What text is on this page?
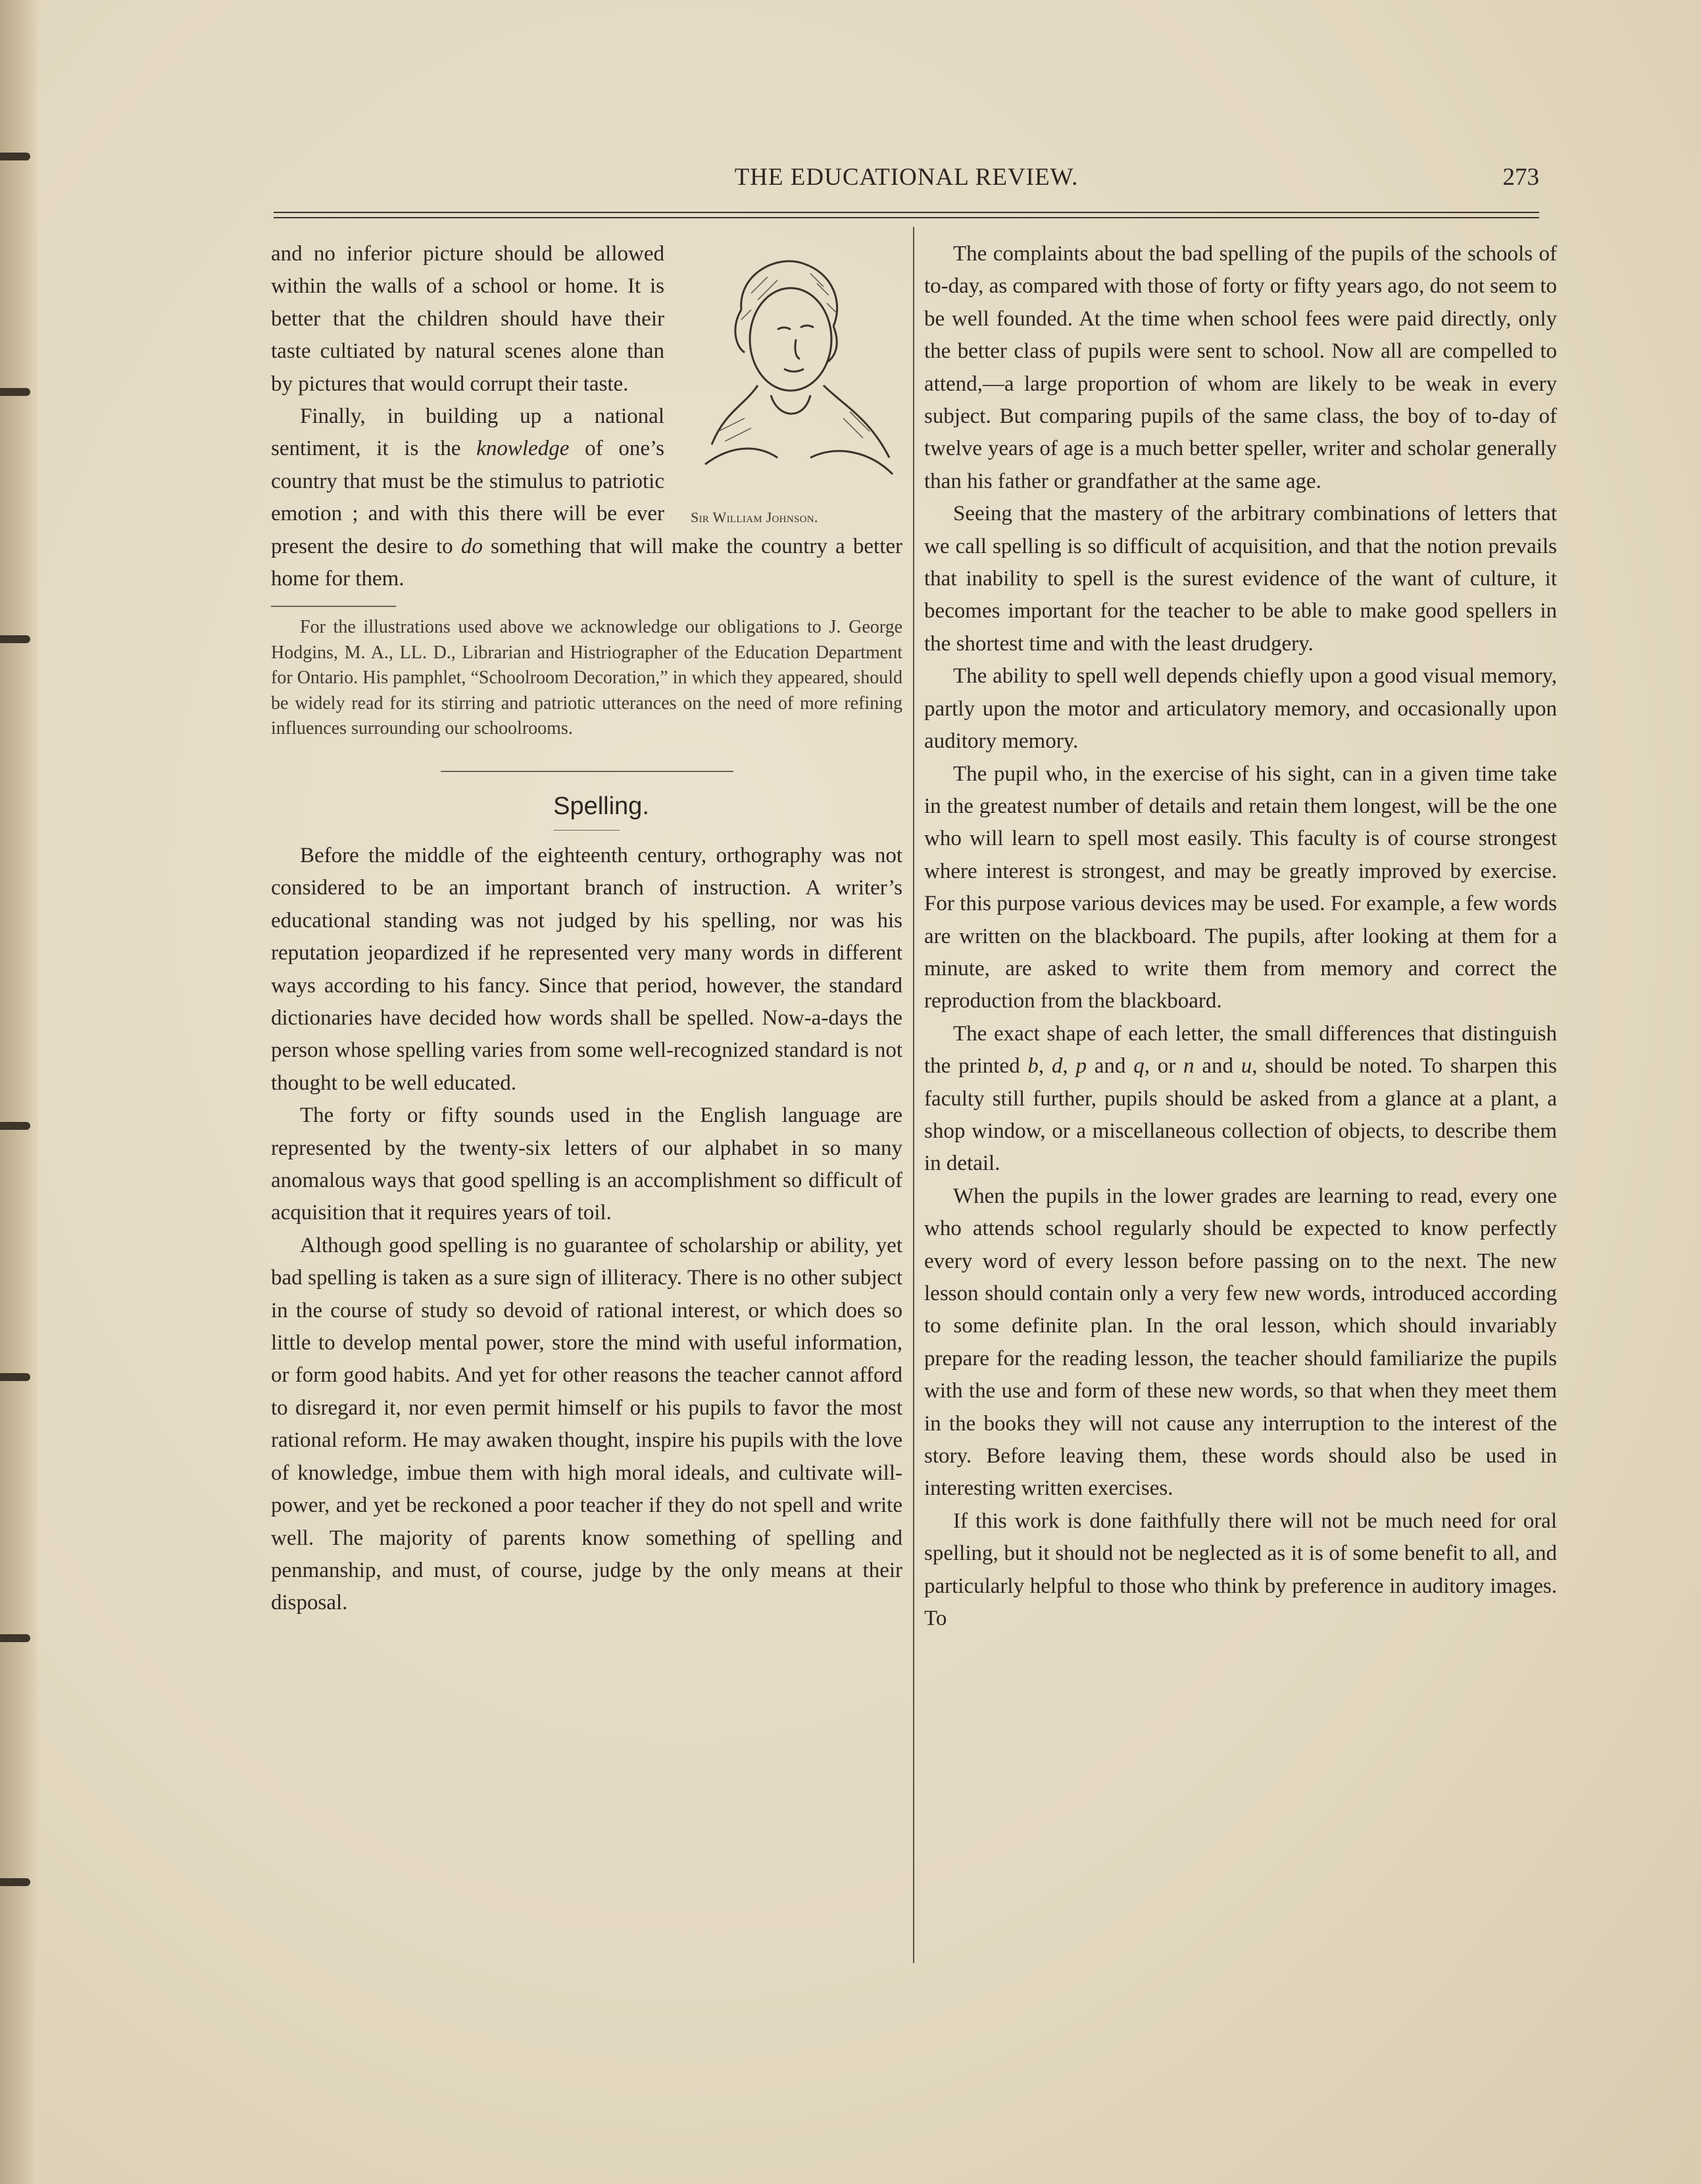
THE EDUCATIONAL REVIEW.	273
Sir William Johnson.

and no inferior picture should be allowed within the walls of a school or home. It is better that the children should have their taste cultiated by natural scenes alone than by pictures that would corrupt their taste.

Finally, in building up a national sentiment, it is the knowledge of one’s country that must be the stimulus to patriotic emotion ; and with this there will be ever present the desire to do something that will make the country a better home for them.

For the illustrations used above we acknowledge our obligations to J. George Hodgins, M. A., LL. D., Librarian and Histriographer of the Education Department for Ontario. His pamphlet, “Schoolroom Decoration,” in which they appeared, should be widely read for its stirring and patriotic utterances on the need of more refining influences surrounding our schoolrooms.

Spelling.

Before the middle of the eighteenth century, orthography was not considered to be an important branch of instruction. A writer’s educational standing was not judged by his spelling, nor was his reputation jeopardized if he represented very many words in different ways according to his fancy. Since that period, however, the standard dictionaries have decided how words shall be spelled. Now-a-days the person whose spelling varies from some well-recognized standard is not thought to be well educated.

The forty or fifty sounds used in the English language are represented by the twenty-six letters of our alphabet in so many anomalous ways that good spelling is an accomplishment so difficult of acquisition that it requires years of toil.

Although good spelling is no guarantee of scholarship or ability, yet bad spelling is taken as a sure sign of illiteracy. There is no other subject in the course of study so devoid of rational interest, or which does so little to develop mental power, store the mind with useful information, or form good habits. And yet for other reasons the teacher cannot afford to disregard it, nor even permit himself or his pupils to favor the most rational reform. He may awaken thought, inspire his pupils with the love of knowledge, imbue them with high moral ideals, and cultivate will-power, and yet be reckoned a poor teacher if they do not spell and write well. The majority of parents know something of spelling and penmanship, and must, of course, judge by the only means at their disposal.

The complaints about the bad spelling of the pupils of the schools of to-day, as compared with those of forty or fifty years ago, do not seem to be well founded. At the time when school fees were paid directly, only the better class of pupils were sent to school. Now all are compelled to attend,—a large proportion of whom are likely to be weak in every subject. But comparing pupils of the same class, the boy of to-day of twelve years of age is a much better speller, writer and scholar generally than his father or grandfather at the same age.

Seeing that the mastery of the arbitrary combinations of letters that we call spelling is so difficult of acquisition, and that the notion prevails that inability to spell is the surest evidence of the want of culture, it becomes important for the teacher to be able to make good spellers in the shortest time and with the least drudgery.

The ability to spell well depends chiefly upon a good visual memory, partly upon the motor and articulatory memory, and occasionally upon auditory memory.

The pupil who, in the exercise of his sight, can in a given time take in the greatest number of details and retain them longest, will be the one who will learn to spell most easily. This faculty is of course strongest where interest is strongest, and may be greatly improved by exercise. For this purpose various devices may be used. For example, a few words are written on the blackboard. The pupils, after looking at them for a minute, are asked to write them from memory and correct the reproduction from the blackboard.

The exact shape of each letter, the small differences that distinguish the printed b, d, p and q, or n and u, should be noted. To sharpen this faculty still further, pupils should be asked from a glance at a plant, a shop window, or a miscellaneous collection of objects, to describe them in detail.

When the pupils in the lower grades are learning to read, every one who attends school regularly should be expected to know perfectly every word of every lesson before passing on to the next. The new lesson should contain only a very few new words, introduced according to some definite plan. In the oral lesson, which should invariably prepare for the reading lesson, the teacher should familiarize the pupils with the use and form of these new words, so that when they meet them in the books they will not cause any interruption to the interest of the story. Before leaving them, these words should also be used in interesting written exercises.

If this work is done faithfully there will not be much need for oral spelling, but it should not be neglected as it is of some benefit to all, and particularly helpful to those who think by preference in auditory images. To
